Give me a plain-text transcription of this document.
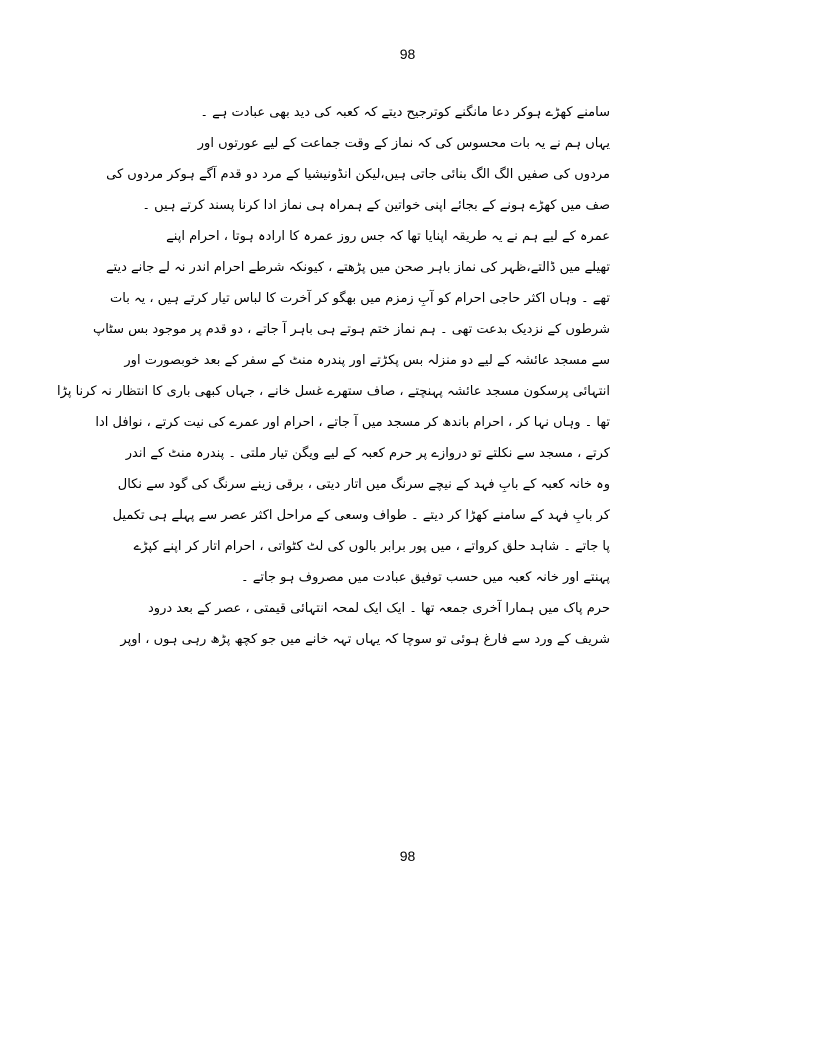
98
سامنے کھڑے ہوکر دعا مانگنے کوترجیح دیتے کہ کعبہ کی دید بھی عبادت ہے ۔
یہاں ہم نے یہ بات محسوس کی کہ نماز کے وقت جماعت کے لیے عورتوں اور
مردوں کی صفیں الگ الگ بنائی جاتی ہیں،لیکن انڈونیشیا کے مرد دو قدم آگے ہوکر مردوں کی
صف میں کھڑے ہونے کے بجائے اپنی خواتین کے ہمراہ ہی نماز ادا کرنا پسند کرتے ہیں ۔
عمرہ کے لیے ہم نے یہ طریقہ اپنایا تھا کہ جس روز عمرہ کا ارادہ ہوتا ، احرام اپنے
تھیلے میں ڈالتے،ظہر کی نماز باہر صحن میں پڑھتے ، کیونکہ شرطے احرام اندر نہ لے جانے دیتے
تھے ۔ وہاں اکثر حاجی احرام کو آبِ زمزم میں بھگو کر آخرت کا لباس تیار کرتے ہیں ، یہ بات
شرطوں کے نزدیک بدعت تھی ۔ ہم نماز ختم ہوتے ہی باہر آ جاتے ، دو قدم پر موجود بس سٹاپ
سے مسجد عائشہ کے لیے دو منزلہ بس پکڑتے اور پندرہ منٹ کے سفر کے بعد خوبصورت اور
انتہائی پرسکون مسجد عائشہ پہنچتے ، صاف ستھرے غسل خانے ، جہاں کبھی باری کا انتظار نہ کرنا پڑا
تھا ۔ وہاں نہا کر ، احرام باندھ کر مسجد میں آ جاتے ، احرام اور عمرے کی نیت کرتے ، نوافل ادا
کرتے ، مسجد سے نکلتے تو دروازے پر حرم کعبہ کے لیے ویگن تیار ملتی ۔ پندرہ منٹ کے اندر
وہ خانہ کعبہ کے بابِ فہد کے نیچے سرنگ میں اتار دیتی ، برقی زینے سرنگ کی گود سے نکال
کر بابِ فہد کے سامنے کھڑا کر دیتے ۔ طواف وسعی کے مراحل اکثر عصر سے پہلے ہی تکمیل
پا جاتے ۔ شاہد حلق کرواتے ، میں پور برابر بالوں کی لٹ کٹواتی ، احرام اتار کر اپنے کپڑے
پہنتے اور خانہ کعبہ میں حسب توفیق عبادت میں مصروف ہو جاتے ۔
حرم پاک میں ہمارا آخری جمعہ تھا ۔ ایک ایک لمحہ انتہائی قیمتی ، عصر کے بعد درود
شریف کے ورد سے فارغ ہوئی تو سوچا کہ یہاں تہہ خانے میں جو کچھ پڑھ رہی ہوں ، اوپر
98
